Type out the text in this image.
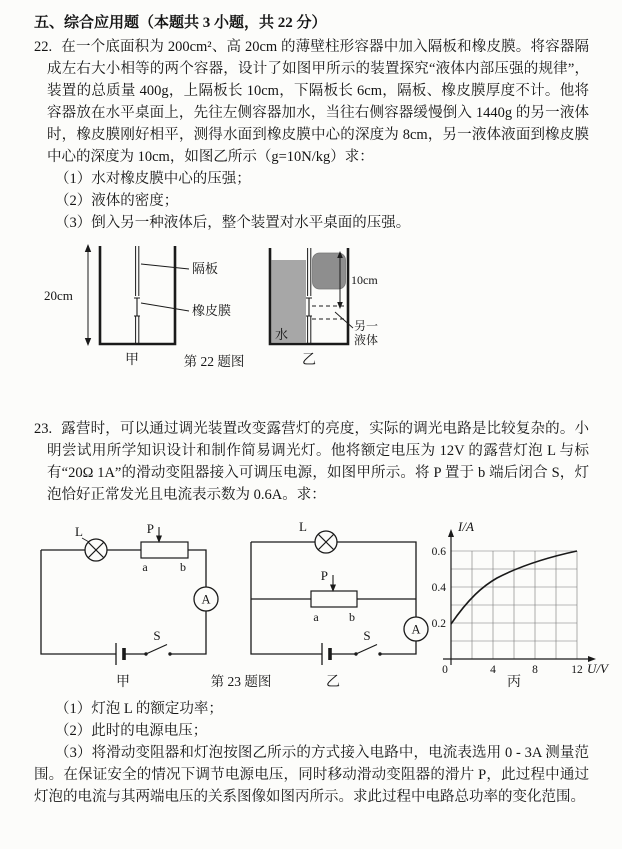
五、综合应用题（本题共 3 小题，共 22 分）

22. 在一个底面积为 200cm²、高 20cm 的薄壁柱形容器中加入隔板和橡皮膜。将容器隔成左右大小相等的两个容器，设计了如图甲所示的装置探究“液体内部压强的规律”，装置的总质量 400g，上隔板长 10cm，下隔板长 6cm，隔板、橡皮膜厚度不计。他将容器放在水平桌面上，先往左侧容器加水，当往右侧容器缓慢倒入 1440g 的另一液体时，橡皮膜刚好相平，测得水面到橡皮膜中心的深度为 8cm，另一液体液面到橡皮膜中心的深度为 10cm，如图乙所示（g=10N/kg）求：

（1）水对橡皮膜中心的压强；

（2）液体的密度；

（3）倒入另一种液体后，整个装置对水平桌面的压强。

20cm
隔板
橡皮膜
10cm
水
另一
液体
甲	第 22 题图	乙

23. 露营时，可以通过调光装置改变露营灯的亮度，实际的调光电路是比较复杂的。小明尝试用所学知识设计和制作简易调光灯。他将额定电压为 12V 的露营灯泡 L 与标有“20Ω 1A”的滑动变阻器接入可调压电源，如图甲所示。将 P 置于 b 端后闭合 S，灯泡恰好正常发光且电流表示数为 0.6A。求：

L	P
a	b
A
S
甲
L
P
a	b
A
S
第 23 题图	乙
I/A
U/V
0.6
0.4
0.2
0	4	8	12
丙

（1）灯泡 L 的额定功率；

（2）此时的电源电压；

（3）将滑动变阻器和灯泡按图乙所示的方式接入电路中，电流表选用 0 - 3A 测量范围。在保证安全的情况下调节电源电压，同时移动滑动变阻器的滑片 P，此过程中通过灯泡的电流与其两端电压的关系图像如图丙所示。求此过程中电路总功率的变化范围。
